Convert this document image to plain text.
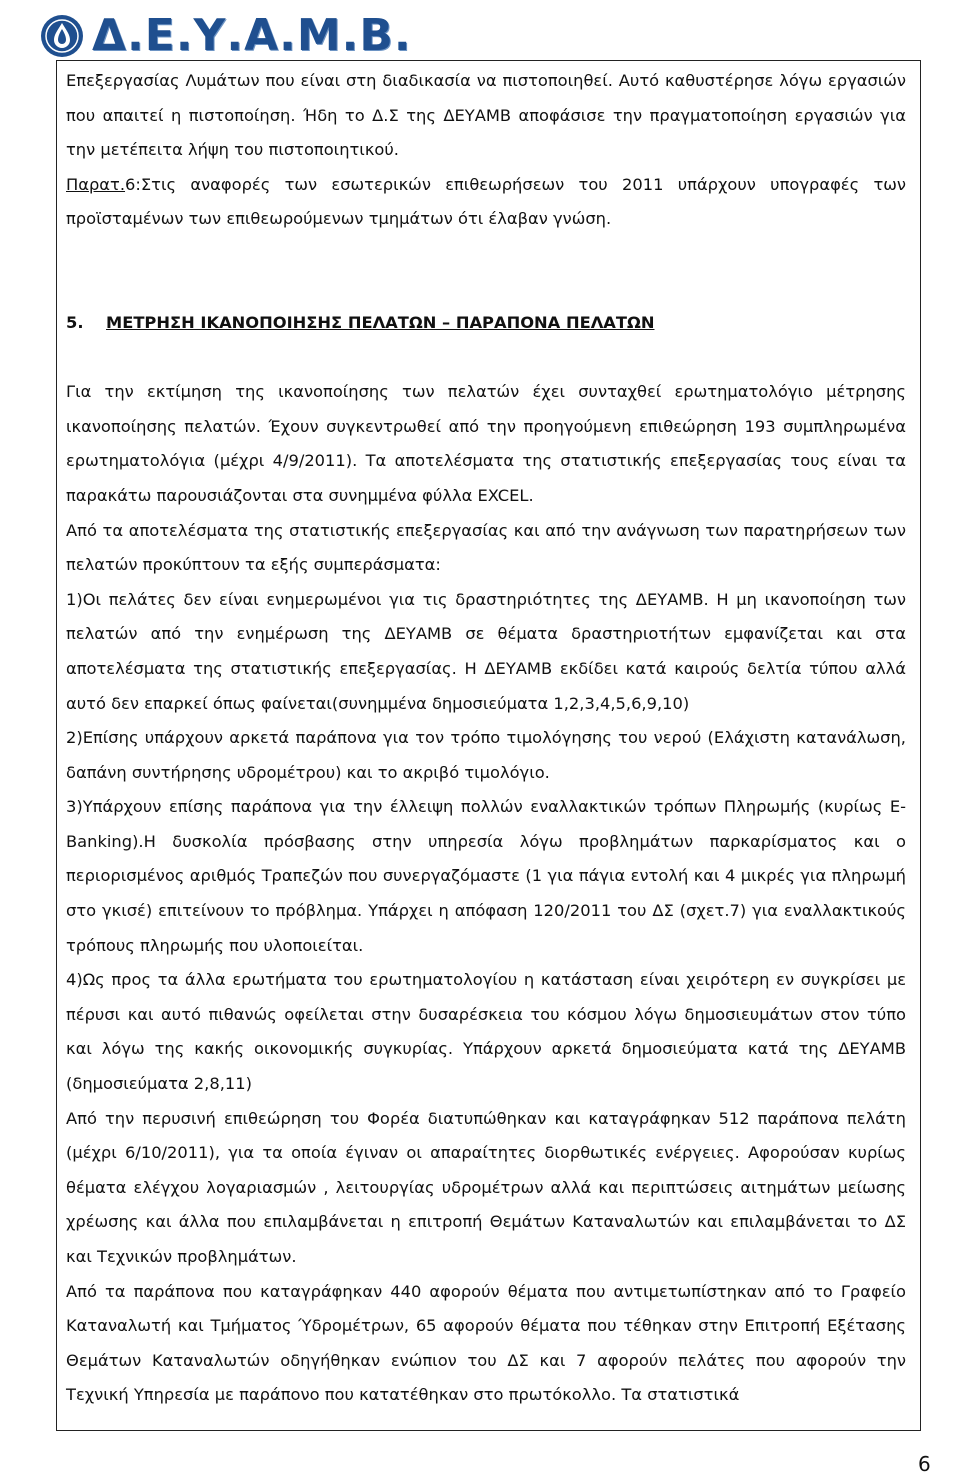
Δ.Ε.Υ.Α.Μ.Β.

Επεξεργασίας Λυμάτων που είναι στη διαδικασία να πιστοποιηθεί. Αυτό καθυστέρησε λόγω εργασιών που απαιτεί η πιστοποίηση. Ήδη το Δ.Σ της ΔΕΥΑΜΒ αποφάσισε την πραγματοποίηση εργασιών για την μετέπειτα λήψη του πιστοποιητικού.

Παρατ.6:Στις αναφορές των εσωτερικών επιθεωρήσεων του 2011 υπάρχουν υπογραφές των προϊσταμένων των επιθεωρούμενων τμημάτων ότι έλαβαν γνώση.

5. ΜΕΤΡΗΣΗ ΙΚΑΝΟΠΟΙΗΣΗΣ ΠΕΛΑΤΩΝ – ΠΑΡΑΠΟΝΑ ΠΕΛΑΤΩΝ

Για την εκτίμηση της ικανοποίησης των πελατών έχει συνταχθεί ερωτηματολόγιο μέτρησης ικανοποίησης πελατών. Έχουν συγκεντρωθεί από την προηγούμενη επιθεώρηση 193 συμπληρωμένα ερωτηματολόγια (μέχρι 4/9/2011). Τα αποτελέσματα της στατιστικής επεξεργασίας τους είναι τα παρακάτω παρουσιάζονται στα συνημμένα φύλλα EXCEL.

Από τα αποτελέσματα της στατιστικής επεξεργασίας και από την ανάγνωση των παρατηρήσεων των πελατών προκύπτουν τα εξής συμπεράσματα:

1)Οι πελάτες δεν είναι ενημερωμένοι για τις δραστηριότητες της ΔΕΥΑΜΒ. Η μη ικανοποίηση των πελατών από την ενημέρωση της ΔΕΥΑΜΒ σε θέματα δραστηριοτήτων εμφανίζεται και στα αποτελέσματα της στατιστικής επεξεργασίας. Η ΔΕΥΑΜΒ εκδίδει κατά καιρούς δελτία τύπου αλλά αυτό δεν επαρκεί όπως φαίνεται(συνημμένα δημοσιεύματα 1,2,3,4,5,6,9,10)

2)Επίσης υπάρχουν αρκετά παράπονα για τον τρόπο τιμολόγησης του νερού (Ελάχιστη κατανάλωση, δαπάνη συντήρησης υδρομέτρου) και το ακριβό τιμολόγιο.

3)Υπάρχουν επίσης παράπονα για την έλλειψη πολλών εναλλακτικών τρόπων Πληρωμής (κυρίως E-Banking).Η δυσκολία πρόσβασης στην υπηρεσία λόγω προβλημάτων παρκαρίσματος και ο περιορισμένος αριθμός Τραπεζών που συνεργαζόμαστε (1 για πάγια εντολή και 4 μικρές για πληρωμή στο γκισέ) επιτείνουν το πρόβλημα. Υπάρχει η απόφαση 120/2011 του ΔΣ (σχετ.7) για εναλλακτικούς τρόπους πληρωμής που υλοποιείται.

4)Ως προς τα άλλα ερωτήματα του ερωτηματολογίου η κατάσταση είναι χειρότερη εν συγκρίσει με πέρυσι και αυτό πιθανώς οφείλεται στην δυσαρέσκεια του κόσμου λόγω δημοσιευμάτων στον τύπο και λόγω της κακής οικονομικής συγκυρίας. Υπάρχουν αρκετά δημοσιεύματα κατά της ΔΕΥΑΜΒ (δημοσιεύματα 2,8,11)

Από την περυσινή επιθεώρηση του Φορέα διατυπώθηκαν και καταγράφηκαν 512 παράπονα πελάτη (μέχρι 6/10/2011), για τα οποία έγιναν οι απαραίτητες διορθωτικές ενέργειες. Αφορούσαν κυρίως θέματα ελέγχου λογαριασμών , λειτουργίας υδρομέτρων αλλά και περιπτώσεις αιτημάτων μείωσης χρέωσης και άλλα που επιλαμβάνεται η επιτροπή Θεμάτων Καταναλωτών και επιλαμβάνεται το ΔΣ και Τεχνικών προβλημάτων.

Από τα παράπονα που καταγράφηκαν 440 αφορούν θέματα που αντιμετωπίστηκαν από το Γραφείο Καταναλωτή και Τμήματος Ύδρομέτρων, 65 αφορούν θέματα που τέθηκαν στην Επιτροπή Εξέτασης Θεμάτων Καταναλωτών οδηγήθηκαν ενώπιον του ΔΣ και 7 αφορούν πελάτες που αφορούν την Τεχνική Υπηρεσία με παράπονο που κατατέθηκαν στο πρωτόκολλο. Τα στατιστικά

6
